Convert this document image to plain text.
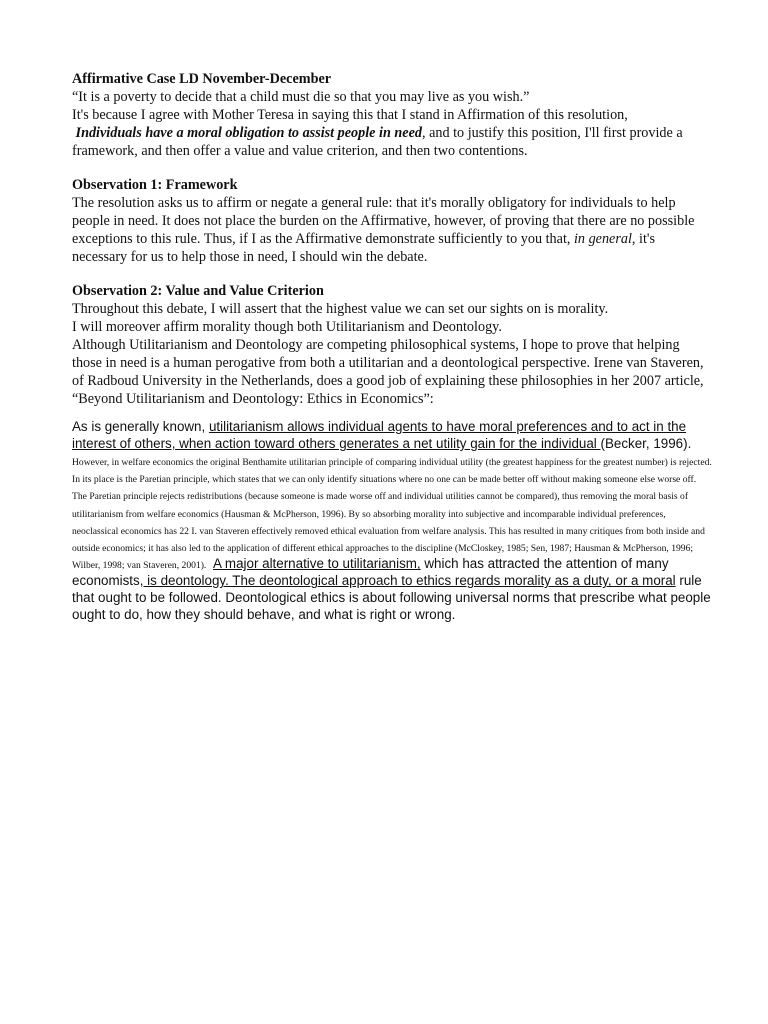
Affirmative Case LD November-December

“It is a poverty to decide that a child must die so that you may live as you wish.”

It's because I agree with Mother Teresa in saying this that I stand in Affirmation of this resolution,
Individuals have a moral obligation to assist people in need, and to justify this position, I'll first provide a framework, and then offer a value and value criterion, and then two contentions.

Observation 1: Framework

The resolution asks us to affirm or negate a general rule: that it's morally obligatory for individuals to help people in need. It does not place the burden on the Affirmative, however, of proving that there are no possible exceptions to this rule. Thus, if I as the Affirmative demonstrate sufficiently to you that, in general, it's necessary for us to help those in need, I should win the debate.

Observation 2: Value and Value Criterion

Throughout this debate, I will assert that the highest value we can set our sights on is morality.

I will moreover affirm morality though both Utilitarianism and Deontology.

Although Utilitarianism and Deontology are competing philosophical systems, I hope to prove that helping those in need is a human perogative from both a utilitarian and a deontological perspective. Irene van Staveren, of Radboud University in the Netherlands, does a good job of explaining these philosophies in her 2007 article, “Beyond Utilitarianism and Deontology: Ethics in Economics”:

As is generally known, utilitarianism allows individual agents to have moral preferences and to act in the interest of others, when action toward others generates a net utility gain for the individual (Becker, 1996). However, in welfare economics the original Benthamite utilitarian principle of comparing individual utility (the greatest happiness for the greatest number) is rejected. In its place is the Paretian principle, which states that we can only identify situations where no one can be made better off without making someone else worse off. The Paretian principle rejects redistributions (because someone is made worse off and individual utilities cannot be compared), thus removing the moral basis of utilitarianism from welfare economics (Hausman & McPherson, 1996). By so absorbing morality into subjective and incomparable individual preferences, neoclassical economics has 22 I. van Staveren effectively removed ethical evaluation from welfare analysis. This has resulted in many critiques from both inside and outside economics; it has also led to the application of different ethical approaches to the discipline (McCloskey, 1985; Sen, 1987; Hausman & McPherson, 1996; Wilber, 1998; van Staveren, 2001). A major alternative to utilitarianism, which has attracted the attention of many economists, is deontology. The deontological approach to ethics regards morality as a duty, or a moral rule that ought to be followed. Deontological ethics is about following universal norms that prescribe what people ought to do, how they should behave, and what is right or wrong.
